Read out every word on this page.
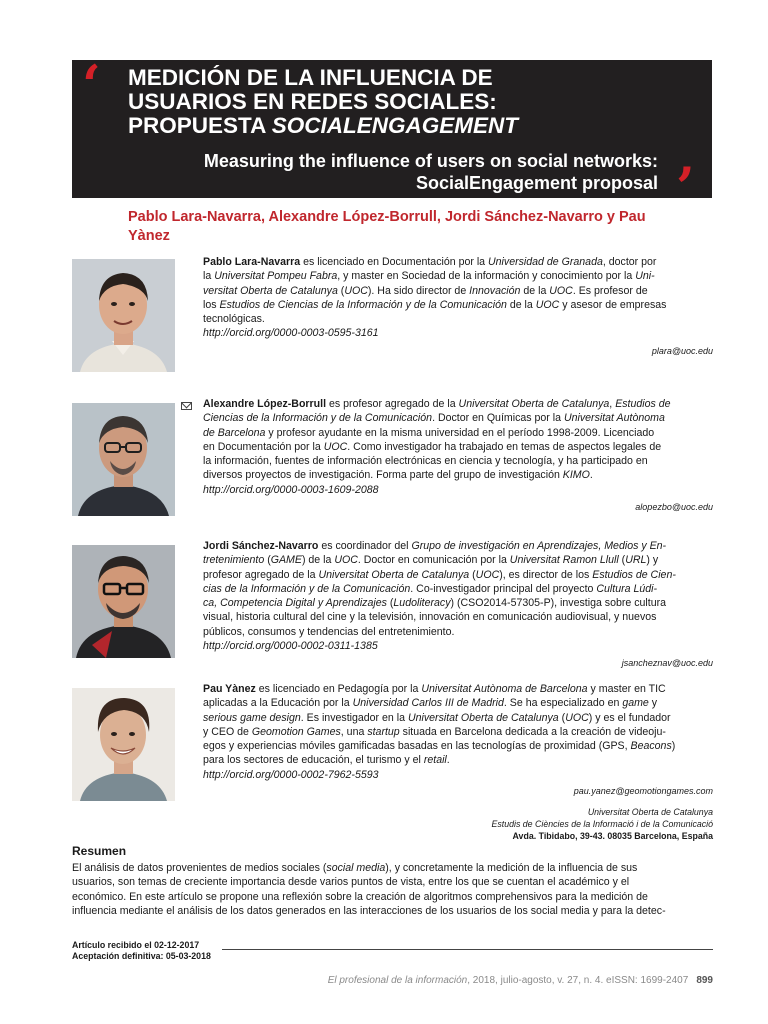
‘
’
MEDICIÓN DE LA INFLUENCIA DE
USUARIOS EN REDES SOCIALES:
PROPUESTA SOCIALENGAGEMENT
Measuring the influence of users on social networks:
SocialEngagement proposal
Pablo Lara-Navarra, Alexandre López-Borrull, Jordi Sánchez-Navarro y Pau
Yànez
Pablo Lara-Navarra es licenciado en Documentación por la Universidad de Granada, doctor por
la Universitat Pompeu Fabra, y master en Sociedad de la información y conocimiento por la Uni-
versitat Oberta de Catalunya (UOC). Ha sido director de Innovación de la UOC. Es profesor de
los Estudios de Ciencias de la Información y de la Comunicación de la UOC y asesor de empresas
tecnológicas.
http://orcid.org/0000-0003-0595-3161
plara@uoc.edu
Alexandre López-Borrull es profesor agregado de la Universitat Oberta de Catalunya, Estudios de
Ciencias de la Información y de la Comunicación. Doctor en Químicas por la Universitat Autònoma
de Barcelona y profesor ayudante en la misma universidad en el período 1998-2009. Licenciado
en Documentación por la UOC. Como investigador ha trabajado en temas de aspectos legales de
la información, fuentes de información electrónicas en ciencia y tecnología, y ha participado en
diversos proyectos de investigación. Forma parte del grupo de investigación KIMO.
http://orcid.org/0000-0003-1609-2088
alopezbo@uoc.edu
Jordi Sánchez-Navarro es coordinador del Grupo de investigación en Aprendizajes, Medios y En-
tretenimiento (GAME) de la UOC. Doctor en comunicación por la Universitat Ramon Llull (URL) y
profesor agregado de la Universitat Oberta de Catalunya (UOC), es director de los Estudios de Cien-
cias de la Información y de la Comunicación. Co-investigador principal del proyecto Cultura Lúdi-
ca, Competencia Digital y Aprendizajes (Ludoliteracy) (CSO2014-57305-P), investiga sobre cultura
visual, historia cultural del cine y la televisión, innovación en comunicación audiovisual, y nuevos
públicos, consumos y tendencias del entretenimiento.
http://orcid.org/0000-0002-0311-1385
jsancheznav@uoc.edu
Pau Yànez es licenciado en Pedagogía por la Universitat Autònoma de Barcelona y master en TIC
aplicadas a la Educación por la Universidad Carlos III de Madrid. Se ha especializado en game y
serious game design. Es investigador en la Universitat Oberta de Catalunya (UOC) y es el fundador
y CEO de Geomotion Games, una startup situada en Barcelona dedicada a la creación de videoju-
egos y experiencias móviles gamificadas basadas en las tecnologías de proximidad (GPS, Beacons)
para los sectores de educación, el turismo y el retail.
http://orcid.org/0000-0002-7962-5593
pau.yanez@geomotiongames.com
Universitat Oberta de Catalunya
Estudis de Ciències de la Informació i de la Comunicació
Avda. Tibidabo, 39-43. 08035 Barcelona, España
Resumen
El análisis de datos provenientes de medios sociales (social media), y concretamente la medición de la influencia de sus
usuarios, son temas de creciente importancia desde varios puntos de vista, entre los que se cuentan el académico y el
económico. En este artículo se propone una reflexión sobre la creación de algoritmos comprehensivos para la medición de
influencia mediante el análisis de los datos generados en las interacciones de los usuarios de los social media y para la detec-
Artículo recibido el 02-12-2017
Aceptación definitiva: 05-03-2018
El profesional de la información, 2018, julio-agosto, v. 27, n. 4. eISSN: 1699-2407 899
